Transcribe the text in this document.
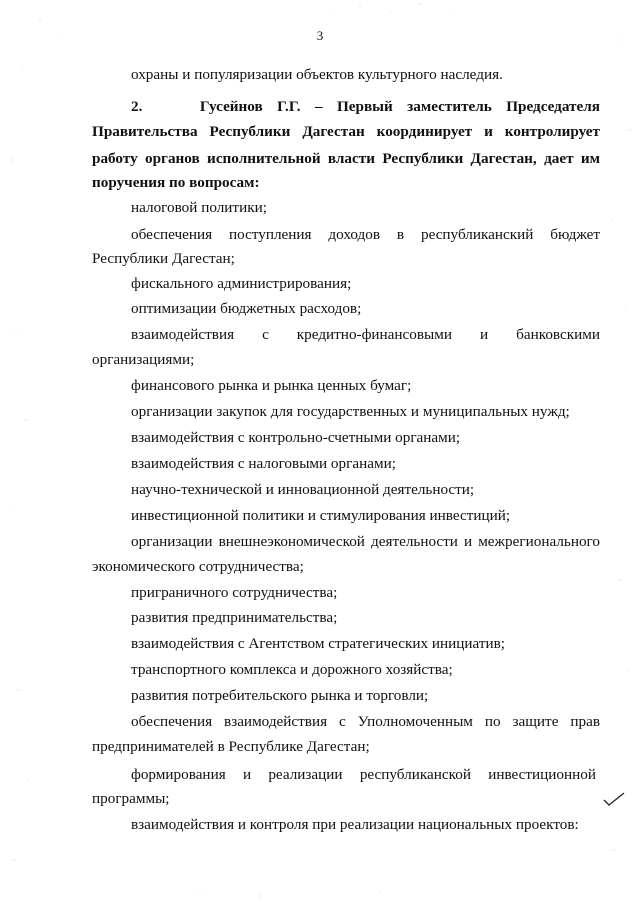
3
охраны и популяризации объектов культурного наследия.
2.    Гусейнов Г.Г. – Первый заместитель Председателя
Правительства Республики Дагестан координирует и контролирует
работу органов исполнительной власти Республики Дагестан, дает им
поручения по вопросам:
налоговой политики;
обеспечения поступления доходов в республиканский бюджет
Республики Дагестан;
фискального администрирования;
оптимизации бюджетных расходов;
взаимодействия с кредитно-финансовыми и банковскими
организациями;
финансового рынка и рынка ценных бумаг;
организации закупок для государственных и муниципальных нужд;
взаимодействия с контрольно-счетными органами;
взаимодействия с налоговыми органами;
научно-технической и инновационной деятельности;
инвестиционной политики и стимулирования инвестиций;
организации внешнеэкономической деятельности и межрегионального
экономического сотрудничества;
приграничного сотрудничества;
развития предпринимательства;
взаимодействия с Агентством стратегических инициатив;
транспортного комплекса и дорожного хозяйства;
развития потребительского рынка и торговли;
обеспечения взаимодействия с Уполномоченным по защите прав
предпринимателей в Республике Дагестан;
формирования и реализации республиканской инвестиционной
программы;
взаимодействия и контроля при реализации национальных проектов:
